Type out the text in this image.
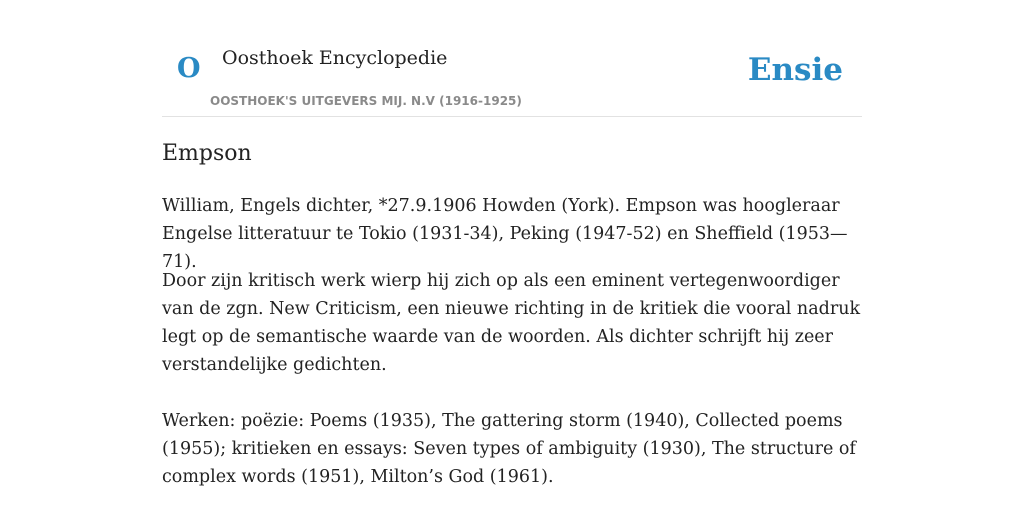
O Oosthoek Encyclopedie
OOSTHOEK'S UITGEVERS MIJ. N.V (1916-1925)
Ensie
Empson

William, Engels dichter, *27.9.1906 Howden (York). Empson was hoogleraar Engelse litteratuur te Tokio (1931-34), Peking (1947-52) en Sheffield (1953—71).

Door zijn kritisch werk wierp hij zich op als een eminent vertegenwoordiger van de zgn. New Criticism, een nieuwe richting in de kritiek die vooral nadruk legt op de semantische waarde van de woorden. Als dichter schrijft hij zeer verstandelijke gedichten.

Werken: poëzie: Poems (1935), The gattering storm (1940), Collected poems (1955); kritieken en essays: Seven types of ambiguity (1930), The structure of complex words (1951), Milton’s God (1961).
